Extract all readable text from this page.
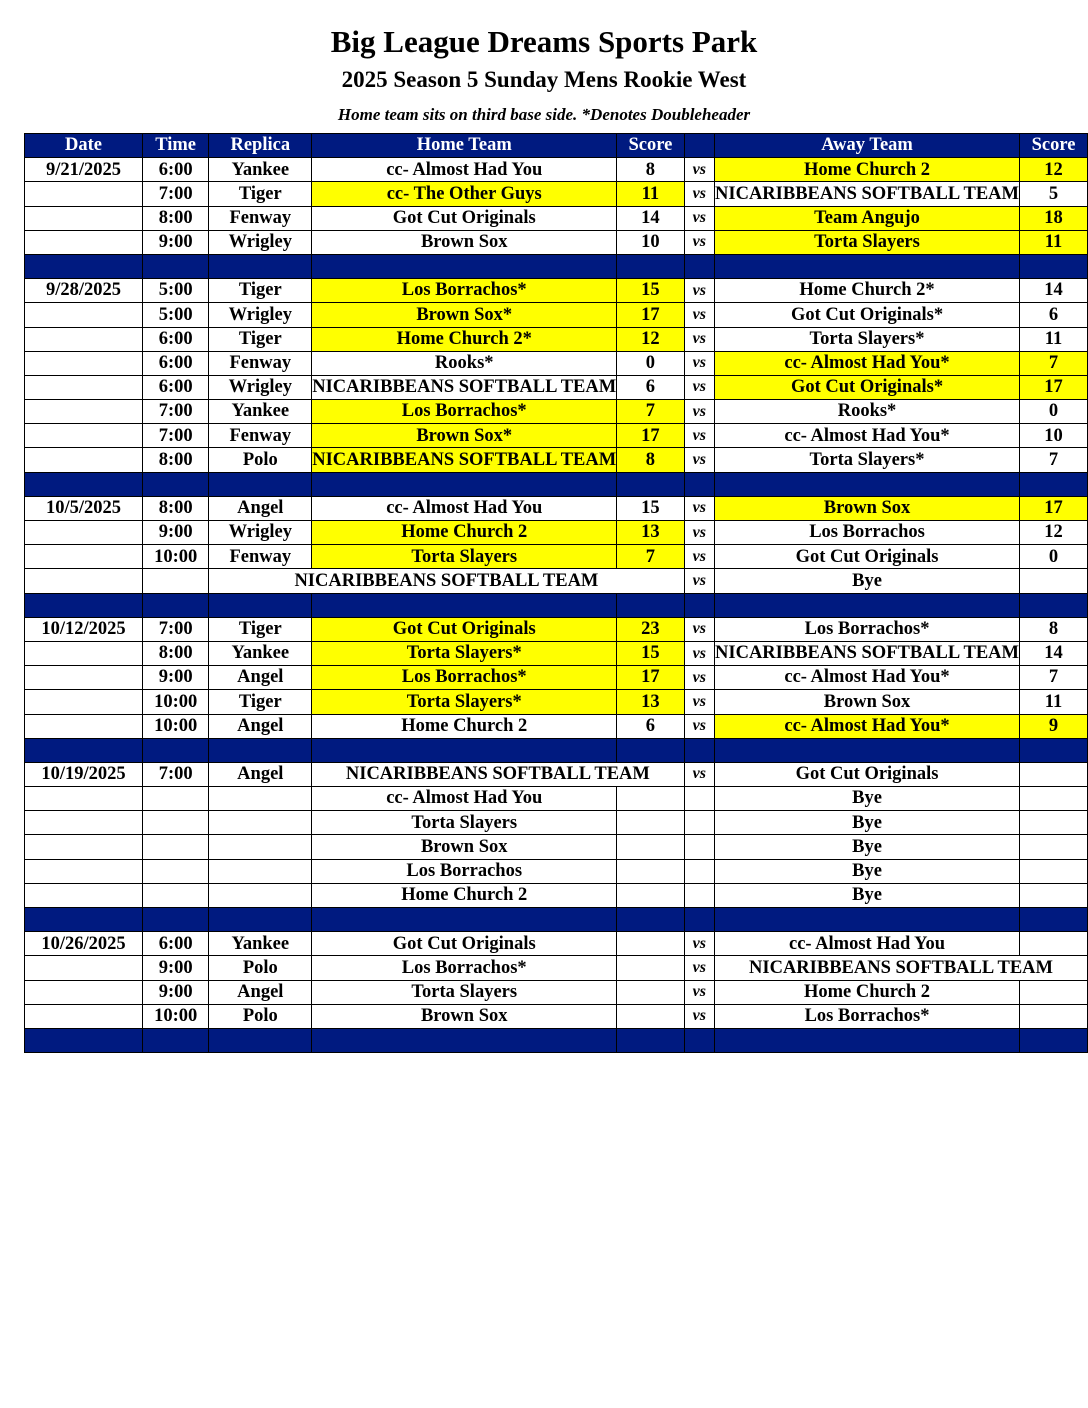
Big League Dreams Sports Park
2025 Season 5 Sunday Mens Rookie West
Home team sits on third base side. *Denotes Doubleheader
Date	Time	Replica	Home Team	Score		Away Team	Score
9/21/2025	6:00	Yankee	cc- Almost Had You	8	vs	Home Church 2	12
	7:00	Tiger	cc- The Other Guys	11	vs	NICARIBBEANS SOFTBALL TEAM	5
	8:00	Fenway	Got Cut Originals	14	vs	Team Angujo	18
	9:00	Wrigley	Brown Sox	10	vs	Torta Slayers	11

9/28/2025	5:00	Tiger	Los Borrachos*	15	vs	Home Church 2*	14
	5:00	Wrigley	Brown Sox*	17	vs	Got Cut Originals*	6
	6:00	Tiger	Home Church 2*	12	vs	Torta Slayers*	11
	6:00	Fenway	Rooks*	0	vs	cc- Almost Had You*	7
	6:00	Wrigley	NICARIBBEANS SOFTBALL TEAM	6	vs	Got Cut Originals*	17
	7:00	Yankee	Los Borrachos*	7	vs	Rooks*	0
	7:00	Fenway	Brown Sox*	17	vs	cc- Almost Had You*	10
	8:00	Polo	NICARIBBEANS SOFTBALL TEAM	8	vs	Torta Slayers*	7

10/5/2025	8:00	Angel	cc- Almost Had You	15	vs	Brown Sox	17
	9:00	Wrigley	Home Church 2	13	vs	Los Borrachos	12
	10:00	Fenway	Torta Slayers	7	vs	Got Cut Originals	0
		NICARIBBEANS SOFTBALL TEAM			vs	Bye	

10/12/2025	7:00	Tiger	Got Cut Originals	23	vs	Los Borrachos*	8
	8:00	Yankee	Torta Slayers*	15	vs	NICARIBBEANS SOFTBALL TEAM	14
	9:00	Angel	Los Borrachos*	17	vs	cc- Almost Had You*	7
	10:00	Tiger	Torta Slayers*	13	vs	Brown Sox	11
	10:00	Angel	Home Church 2	6	vs	cc- Almost Had You*	9

10/19/2025	7:00	Angel	NICARIBBEANS SOFTBALL TEAM		vs	Got Cut Originals	
			cc- Almost Had You			Bye	
			Torta Slayers			Bye	
			Brown Sox			Bye	
			Los Borrachos			Bye	
			Home Church 2			Bye	

10/26/2025	6:00	Yankee	Got Cut Originals		vs	cc- Almost Had You	
	9:00	Polo	Los Borrachos*		vs	NICARIBBEANS SOFTBALL TEAM	
	9:00	Angel	Torta Slayers		vs	Home Church 2	
	10:00	Polo	Brown Sox		vs	Los Borrachos*	
